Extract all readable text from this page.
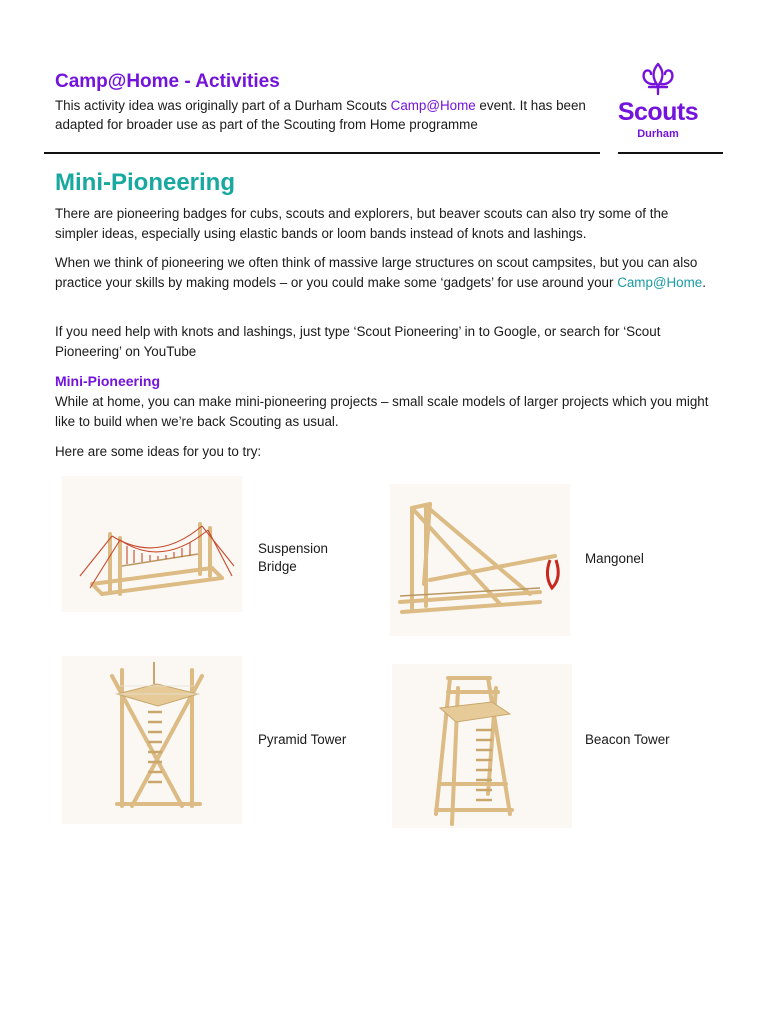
Camp@Home - Activities
This activity idea was originally part of a Durham Scouts Camp@Home event. It has been adapted for broader use as part of the Scouting from Home programme	Scouts
Durham
Mini-Pioneering

There are pioneering badges for cubs, scouts and explorers, but beaver scouts can also try some of the simpler ideas, especially using elastic bands or loom bands instead of knots and lashings.

When we think of pioneering we often think of massive large structures on scout campsites, but you can also practice your skills by making models – or you could make some ‘gadgets’ for use around your Camp@Home.

If you need help with knots and lashings, just type ‘Scout Pioneering’ in to Google, or search for ‘Scout Pioneering’ on YouTube

Mini-Pioneering

While at home, you can make mini-pioneering projects – small scale models of larger projects which you might like to build when we’re back Scouting as usual.

Here are some ideas for you to try:

Suspension Bridge
Mangonel
Pyramid Tower	Beacon Tower
